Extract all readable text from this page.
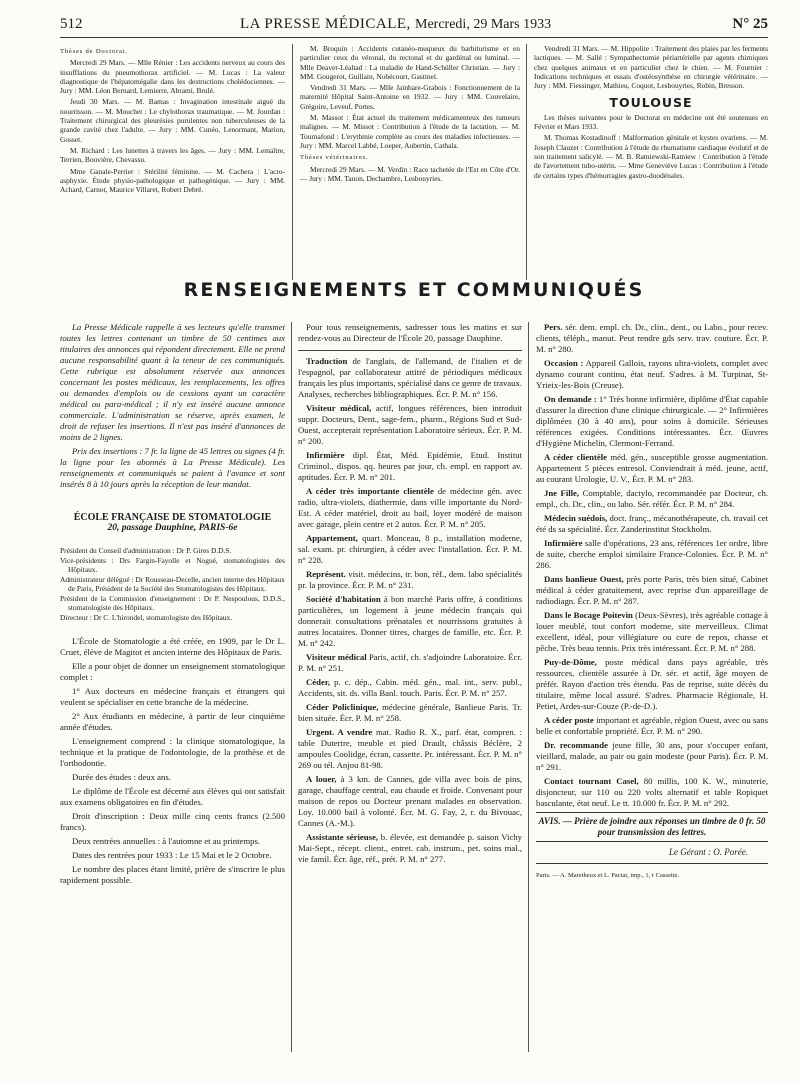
512	LA PRESSE MÉDICALE, Mercredi, 29 Mars 1933	N° 25

Thèses de Doctorat.

Mercredi 29 Mars. — Mlle Rénier : Les accidents nerveux au cours des insufflations du pneumothorax artificiel. — M. Lucas : La valeur diagnostique de l'hépatomégalie dans les destructions cholédociennes. — Jury : MM. Léon Bernard, Lemierre, Abrami, Brulé.

Jeudi 30 Mars. — M. Bamas : Invagination intestinale aiguë du nourrisson. — M. Mouchet : Le chylothorax traumatique. — M. Jourdan : Traitement chirurgical des pleurésies purulentes non tuberculeuses de la grande cavité chez l'adulte. — Jury : MM. Cunéo, Lenormant, Marion, Gosset.

M. Richard : Les lunettes à travers les âges. — Jury : MM. Lemaître, Terrien, Bouvière, Chevassu.

Mme Ganale-Perrier : Stérilité féminine. — M. Cachera : L'acro-asphyxie. Étude physio-pathologique et pathogénique. — Jury : MM. Achard, Carnot, Maurice Villaret, Robert Debré.

M. Broquin : Accidents cutanéo-muqueux du barbiturisme et en particulier ceux du véronal, du rectonal et du gardénal ou luminal. — Mlle Deaver-Léaltad : La maladie de Hand-Schüller Christian. — Jury : MM. Gougerot, Guillain, Nobécourt, Gastinel.

Vendredi 31 Mars. — Mlle Jainbare-Grabois : Fonctionnement de la maternité Hôpital Saint-Antoine en 1932. — Jury : MM. Couvelaire, Grégoire, Leveuf, Portes.

M. Massot : État actuel du traitement médicamenteux des tumeurs malignes. — M. Missot : Contribution à l'étude de la lactation. — M. Tournafond : L'erythmie complète au cours des maladies infectieuses. — Jury : MM. Marcel Labbé, Loeper, Aubertin, Cathala.

Thèses vétérinaires.

Mercredi 29 Mars. — M. Verdin : Race tachetée de l'Est en Côte d'Or. — Jury : MM. Tanon, Dechambre, Lesbouyries.

Vendredi 31 Mars. — M. Hippolite : Traitement des plaies par les ferments lactiques. — M. Sallé : Sympathectomie périartérielle par agents chimiques chez quelques animaux et en particulier chez le chien. — M. Fournier : Indications techniques et essais d'ostéosynthèse en chirurgie vétérinaire. — Jury : MM. Fiessinger, Mathieu, Coquot, Lesbouyries, Robin, Bresson.

TOULOUSE

Les thèses suivantes pour le Doctorat en médecine ont été soutenues en Février et Mars 1933.

M. Thomas Kostadinoff : Malformation génitale et kystes ovariens. — M. Joseph Clauzet : Contribution à l'étude du rhumatisme cardiaque évolutif et de son traitement salicylé. — M. B. Ratniewski-Ratniew : Contribution à l'étude de l'avortement tubo-utérin. — Mme Geneviève Lucas : Contribution à l'étude de certains types d'hémorragies gastro-duodénales.

RENSEIGNEMENTS ET COMMUNIQUÉS

La Presse Médicale rappelle à ses lecteurs qu'elle transmet toutes les lettres contenant un timbre de 50 centimes aux titulaires des annonces qui répondent directement. Elle ne prend aucune responsabilité quant à la teneur de ces communiqués. Cette rubrique est absolument réservée aux annonces concernant les postes médicaux, les remplacements, les offres ou demandes d'emplois ou de cessions ayant un caractère médical ou para-médical ; il n'y est inséré aucune annonce commerciale. L'administration se réserve, après examen, le droit de refuser les insertions. Il n'est pas inséré d'annonces de moins de 2 lignes.

Prix des insertions : 7 fr. la ligne de 45 lettres ou signes (4 fr. la ligne pour les abonnés à La Presse Médicale). Les renseignements et communiqués se paient à l'avance et sont insérés 8 à 10 jours après la réception de leur mandat.

ÉCOLE FRANÇAISE DE STOMATOLOGIE
20, passage Dauphine, PARIS-6e

Président du Conseil d'administration : Dr P. Gires D.D.S.

Vice-présidents : Drs Fargin-Fayolle et Nogué, stomatologistes des Hôpitaux.

Administrateur délégué : Dr Rousseau-Decelle, ancien interne des Hôpitaux de Paris, Président de la Société des Stomatologistes des Hôpitaux.

Président de la Commission d'enseignement : Dr P. Nespoulous, D.D.S., stomatologiste des Hôpitaux.

Directeur : Dr C. L'hirondel, stomatologiste des Hôpitaux.

L'École de Stomatologie a été créée, en 1909, par le Dr L. Cruet, élève de Magitot et ancien interne des Hôpitaux de Paris.

Elle a pour objet de donner un enseignement stomatologique complet :

1° Aux docteurs en médecine français et étrangers qui veulent se spécialiser en cette branche de la médecine.

2° Aux étudiants en médecine, à partir de leur cinquième année d'études.

L'enseignement comprend : la clinique stomatologique, la technique et la pratique de l'odontologie, de la prothèse et de l'orthodontie.

Durée des études : deux ans.

Le diplôme de l'École est décerné aux élèves qui ont satisfait aux examens obligatoires en fin d'études.

Droit d'inscription : Deux mille cinq cents francs (2.500 francs).

Deux rentrées annuelles : à l'automne et au printemps.

Dates des rentrées pour 1933 : Le 15 Mai et le 2 Octobre.

Le nombre des places étant limité, prière de s'inscrire le plus rapidement possible.

Pour tous renseignements, sadresser tous les matins et sur rendez-vous au Directeur de l'École 20, passage Dauphine.

Traduction de l'anglais, de l'allemand, de l'italien et de l'espagnol, par collaborateur attitré de périodiques médicaux français les plus importants, spécialisé dans ce genre de travaux. Analyses, recherches bibliographiques. Écr. P. M. n° 156.

Visiteur médical, actif, longues références, bien introduit suppr. Docteurs, Dent., sage-fem., pharm., Régions Sud et Sud-Ouest, accepterait représentation Laboratoire sérieux. Écr. P. M. n° 200.

Infirmière dipl. État, Méd. Epidémie, Etud. Institut Criminol., dispos. qq. heures par jour, ch. empl. en rapport av. aptitudes. Écr. P. M. n° 201.

A céder très importante clientèle de médecine gén. avec radio, ultra-violets, diathermie, dans ville importante du Nord-Est. A céder matériel, droit au bail, loyer modéré de maison avec garage, plein centre et 2 autos. Écr. P. M. n° 205.

Appartement, quart. Monceau, 8 p., installation moderne, sal. exam. pr. chirurgien, à céder avec l'installation. Écr. P. M. n° 228.

Représent. visit. médecins, tr. bon, réf., dem. labo spécialités pr. la province. Écr. P. M. n° 231.

Société d'habitation à bon marché Paris offre, à conditions particulières, un logement à jeune médecin français qui donnerait consultations prénatales et nourrissons gratuites à autres locataires. Donner titres, charges de famille, etc. Écr. P. M. n° 242.

Visiteur médical Paris, actif, ch. s'adjoindre Laboratoire. Écr. P. M. n° 251.

Céder, p. c. dép., Cabin. méd. gén., mal. int., serv. publ., Accidents, sit. ds. villa Banl. touch. Paris. Écr. P. M. n° 257.

Céder Policlinique, médecine générale, Banlieue Paris. Tr. bien située. Écr. P. M. n° 258.

Urgent. A vendre mat. Radio R. X., parf. état, compren. : table Dutertre, meuble et pied Drault, châssis Béclère, 2 ampoules Coolidge, écran, cassette. Pr. intéressant. Écr. P. M. n° 269 ou tél. Anjou 81-98.

A louer, à 3 km. de Cannes, gde villa avec bois de pins, garage, chauffage central, eau chaude et froide. Convenant pour maison de repos ou Docteur prenant malades en observation. Loy. 10.000 bail à volonté. Écr. M. G. Fay, 2, r. du Bivouac, Cannes (A.-M.).

Assistante sérieuse, b. élevée, est demandée p. saison Vichy Mai-Sept., récept. client., entret. cab. instrum., pet. soins mal., vie famil. Écr. âge, réf., prét. P. M. n° 277.

Pers. sér. dem. empl. ch. Dr., clin., dent., ou Labo., pour recev. clients, téléph., manut. Peut rendre gds serv. trav. couture. Écr. P. M. n° 280.

Occasion : Appareil Gallois, rayons ultra-violets, complet avec dynamo courant continu, état neuf. S'adres. à M. Turpinat, St-Yrieix-les-Bois (Creuse).

On demande : 1° Très bonne infirmière, diplôme d'État capable d'assurer la direction d'une clinique chirurgicale. — 2° Infirmières diplômées (30 à 40 ans), pour soins à domicile. Sérieuses références exigées. Conditions intéressantes. Écr. Œuvres d'Hygiène Michelin, Clermont-Ferrand.

A céder clientèle méd. gén., susceptible grosse augmentation. Appartement 5 pièces entresol. Conviendrait à méd. jeune, actif, au courant Urologie, U. V., Écr. P. M. n° 283.

Jne Fille, Comptable, dactylo, recommandée par Docteur, ch. empl., ch. Dr., clin., ou labo. Sér. référ. Écr. P. M. n° 284.

Médecin suédois, doct. franç., mécanothérapeute, ch. travail cet été ds sa spécialité. Écr. Zanderinstitut Stockholm.

Infirmière salle d'opérations, 23 ans, références 1er ordre, libre de suite, cherche emploi similaire France-Colonies. Écr. P. M. n° 286.

Dans banlieue Ouest, près porte Paris, très bien situé, Cabinet médical à céder gratuitement, avec reprise d'un appareillage de radiodiagn. Écr. P. M. n° 287.

Dans le Bocage Poitevin (Deux-Sèvres), très agréable cottage à louer meublé, tout confort moderne, site merveilleux. Climat excellent, idéal, pour villégiature ou cure de repos, chasse et pêche. Très beau tennis. Prix très intéressant. Écr. P. M. n° 288.

Puy-de-Dôme, poste médical dans pays agréable, très ressources, clientèle assurée à Dr. sér. et actif, âge moyen de préfér. Rayon d'action très étendu. Pas de reprise, suite décès du titulaire, même local assuré. S'adres. Pharmacie Régionale, H. Petiet, Ardes-sur-Couze (P.-de-D.).

A céder poste important et agréable, région Ouest, avec ou sans belle et confortable propriété. Écr. P. M. n° 290.

Dr. recommande jeune fille, 30 ans, pour s'occuper enfant, vieillard, malade, au pair ou gain modeste (pour Paris). Écr. P. M. n° 291.

Contact tournant Casel, 80 millis, 100 K. W., minuterie, disjoncteur, sur 110 ou 220 volts alternatif et table Ropiquet basculante, état neuf. Le tt. 10.000 fr. Écr. P. M. n° 292.

AVIS. — Prière de joindre aux réponses un timbre de 0 fr. 50 pour transmission des lettres.
Le Gérant : O. Porée.
Paris. — A. Maretheux et L. Pactat, imp., 1, r Cassette.
